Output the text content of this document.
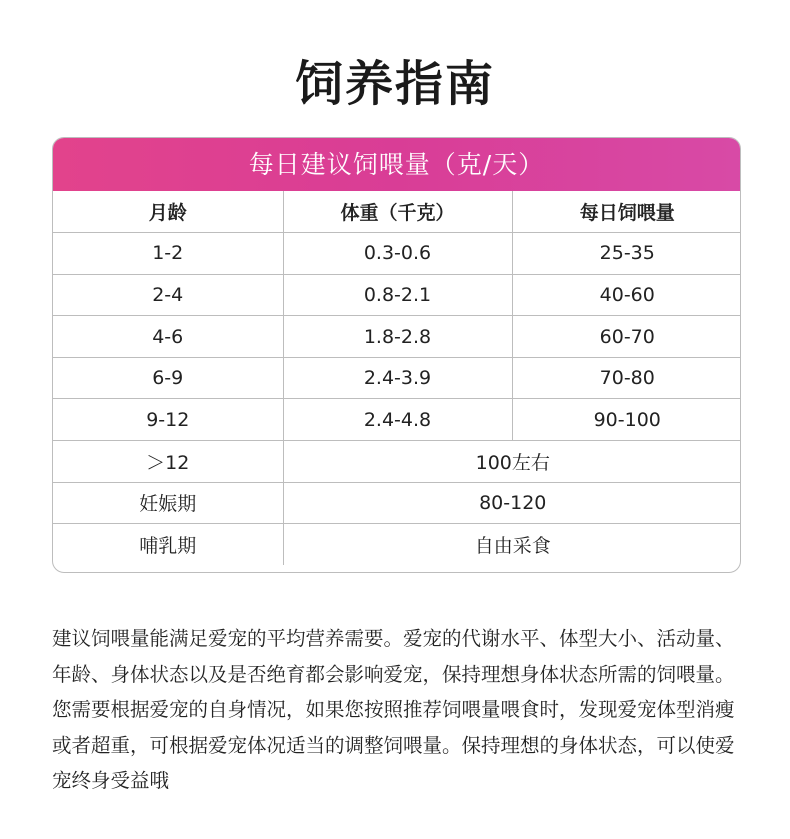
饲养指南
每日建议饲喂量（克/天）
月龄	体重（千克）	每日饲喂量
1-2	0.3-0.6	25-35
2-4	0.8-2.1	40-60
4-6	1.8-2.8	60-70
6-9	2.4-3.9	70-80
9-12	2.4-4.8	90-100
＞12	100左右	
妊娠期	80-120	
哺乳期	自由采食	

建议饲喂量能满足爱宠的平均营养需要。爱宠的代谢水平、体型大小、活动量、年龄、身体状态以及是否绝育都会影响爱宠，保持理想身体状态所需的饲喂量。您需要根据爱宠的自身情况，如果您按照推荐饲喂量喂食时，发现爱宠体型消瘦或者超重，可根据爱宠体况适当的调整饲喂量。保持理想的身体状态，可以使爱宠终身受益哦
